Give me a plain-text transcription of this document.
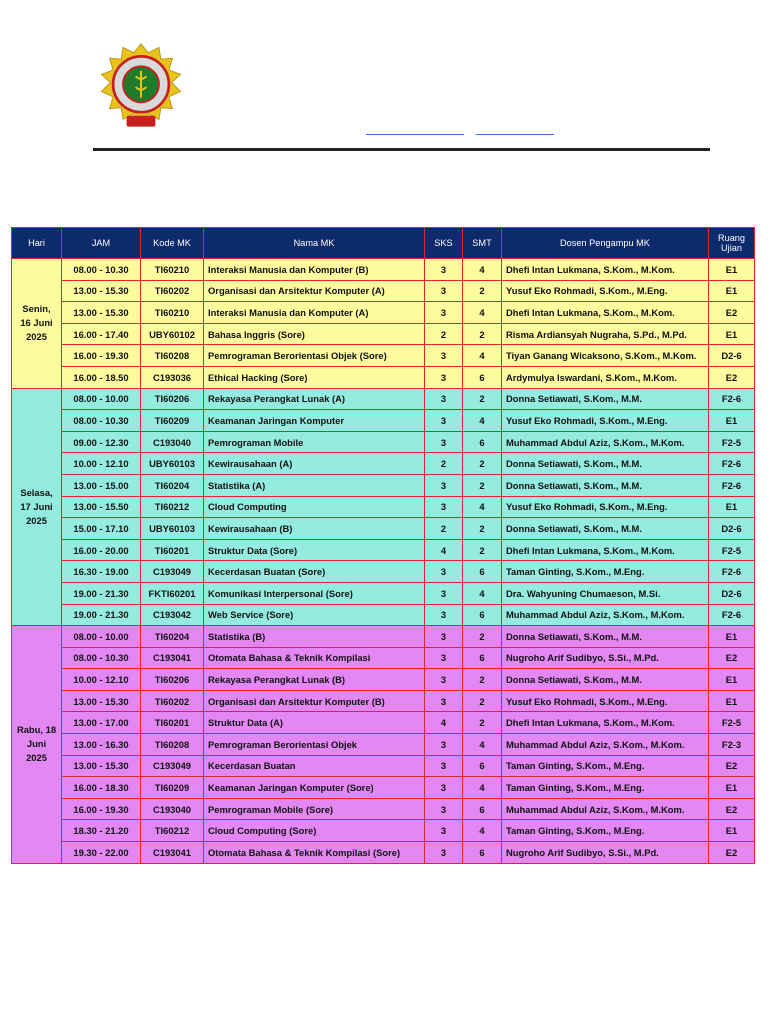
Hari	JAM	Kode MK	Nama MK	SKS	SMT	Dosen Pengampu MK	Ruang Ujian
Senin, 16 Juni 2025	08.00 - 10.30	TI60210	Interaksi Manusia dan Komputer (B)	3	4	Dhefi Intan Lukmana, S.Kom., M.Kom.	E1
	13.00 - 15.30	TI60202	Organisasi dan Arsitektur Komputer (A)	3	2	Yusuf Eko Rohmadi, S.Kom., M.Eng.	E1
	13.00 - 15.30	TI60210	Interaksi Manusia dan Komputer (A)	3	4	Dhefi Intan Lukmana, S.Kom., M.Kom.	E2
	16.00 - 17.40	UBY60102	Bahasa Inggris (Sore)	2	2	Risma Ardiansyah Nugraha, S.Pd., M.Pd.	E1
	16.00 - 19.30	TI60208	Pemrograman Berorientasi Objek (Sore)	3	4	Tiyan Ganang Wicaksono, S.Kom., M.Kom.	D2-6
	16.00 - 18.50	C193036	Ethical Hacking (Sore)	3	6	Ardymulya Iswardani, S.Kom., M.Kom.	E2
Selasa, 17 Juni 2025	08.00 - 10.00	TI60206	Rekayasa Perangkat Lunak (A)	3	2	Donna Setiawati, S.Kom., M.M.	F2-6
	08.00 - 10.30	TI60209	Keamanan Jaringan Komputer	3	4	Yusuf Eko Rohmadi, S.Kom., M.Eng.	E1
	09.00 - 12.30	C193040	Pemrograman Mobile	3	6	Muhammad Abdul Aziz, S.Kom., M.Kom.	F2-5
	10.00 - 12.10	UBY60103	Kewirausahaan (A)	2	2	Donna Setiawati, S.Kom., M.M.	F2-6
	13.00 - 15.00	TI60204	Statistika (A)	3	2	Donna Setiawati, S.Kom., M.M.	F2-6
	13.00 - 15.50	TI60212	Cloud Computing	3	4	Yusuf Eko Rohmadi, S.Kom., M.Eng.	E1
	15.00 - 17.10	UBY60103	Kewirausahaan (B)	2	2	Donna Setiawati, S.Kom., M.M.	D2-6
	16.00 - 20.00	TI60201	Struktur Data (Sore)	4	2	Dhefi Intan Lukmana, S.Kom., M.Kom.	F2-5
	16.30 - 19.00	C193049	Kecerdasan Buatan (Sore)	3	6	Taman Ginting, S.Kom., M.Eng.	F2-6
	19.00 - 21.30	FKTI60201	Komunikasi Interpersonal (Sore)	3	4	Dra. Wahyuning Chumaeson, M.Si.	D2-6
	19.00 - 21.30	C193042	Web Service (Sore)	3	6	Muhammad Abdul Aziz, S.Kom., M.Kom.	F2-6
Rabu, 18 Juni 2025	08.00 - 10.00	TI60204	Statistika (B)	3	2	Donna Setiawati, S.Kom., M.M.	E1
	08.00 - 10.30	C193041	Otomata Bahasa & Teknik Kompilasi	3	6	Nugroho Arif Sudibyo, S.Si., M.Pd.	E2
	10.00 - 12.10	TI60206	Rekayasa Perangkat Lunak (B)	3	2	Donna Setiawati, S.Kom., M.M.	E1
	13.00 - 15.30	TI60202	Organisasi dan Arsitektur Komputer (B)	3	2	Yusuf Eko Rohmadi, S.Kom., M.Eng.	E1
	13.00 - 17.00	TI60201	Struktur Data (A)	4	2	Dhefi Intan Lukmana, S.Kom., M.Kom.	F2-5
	13.00 - 16.30	TI60208	Pemrograman Berorientasi Objek	3	4	Muhammad Abdul Aziz, S.Kom., M.Kom.	F2-3
	13.00 - 15.30	C193049	Kecerdasan Buatan	3	6	Taman Ginting, S.Kom., M.Eng.	E2
	16.00 - 18.30	TI60209	Keamanan Jaringan Komputer (Sore)	3	4	Taman Ginting, S.Kom., M.Eng.	E1
	16.00 - 19.30	C193040	Pemrograman Mobile (Sore)	3	6	Muhammad Abdul Aziz, S.Kom., M.Kom.	E2
	18.30 - 21.20	TI60212	Cloud Computing (Sore)	3	4	Taman Ginting, S.Kom., M.Eng.	E1
	19.30 - 22.00	C193041	Otomata Bahasa & Teknik Kompilasi (Sore)	3	6	Nugroho Arif Sudibyo, S.Si., M.Pd.	E2
